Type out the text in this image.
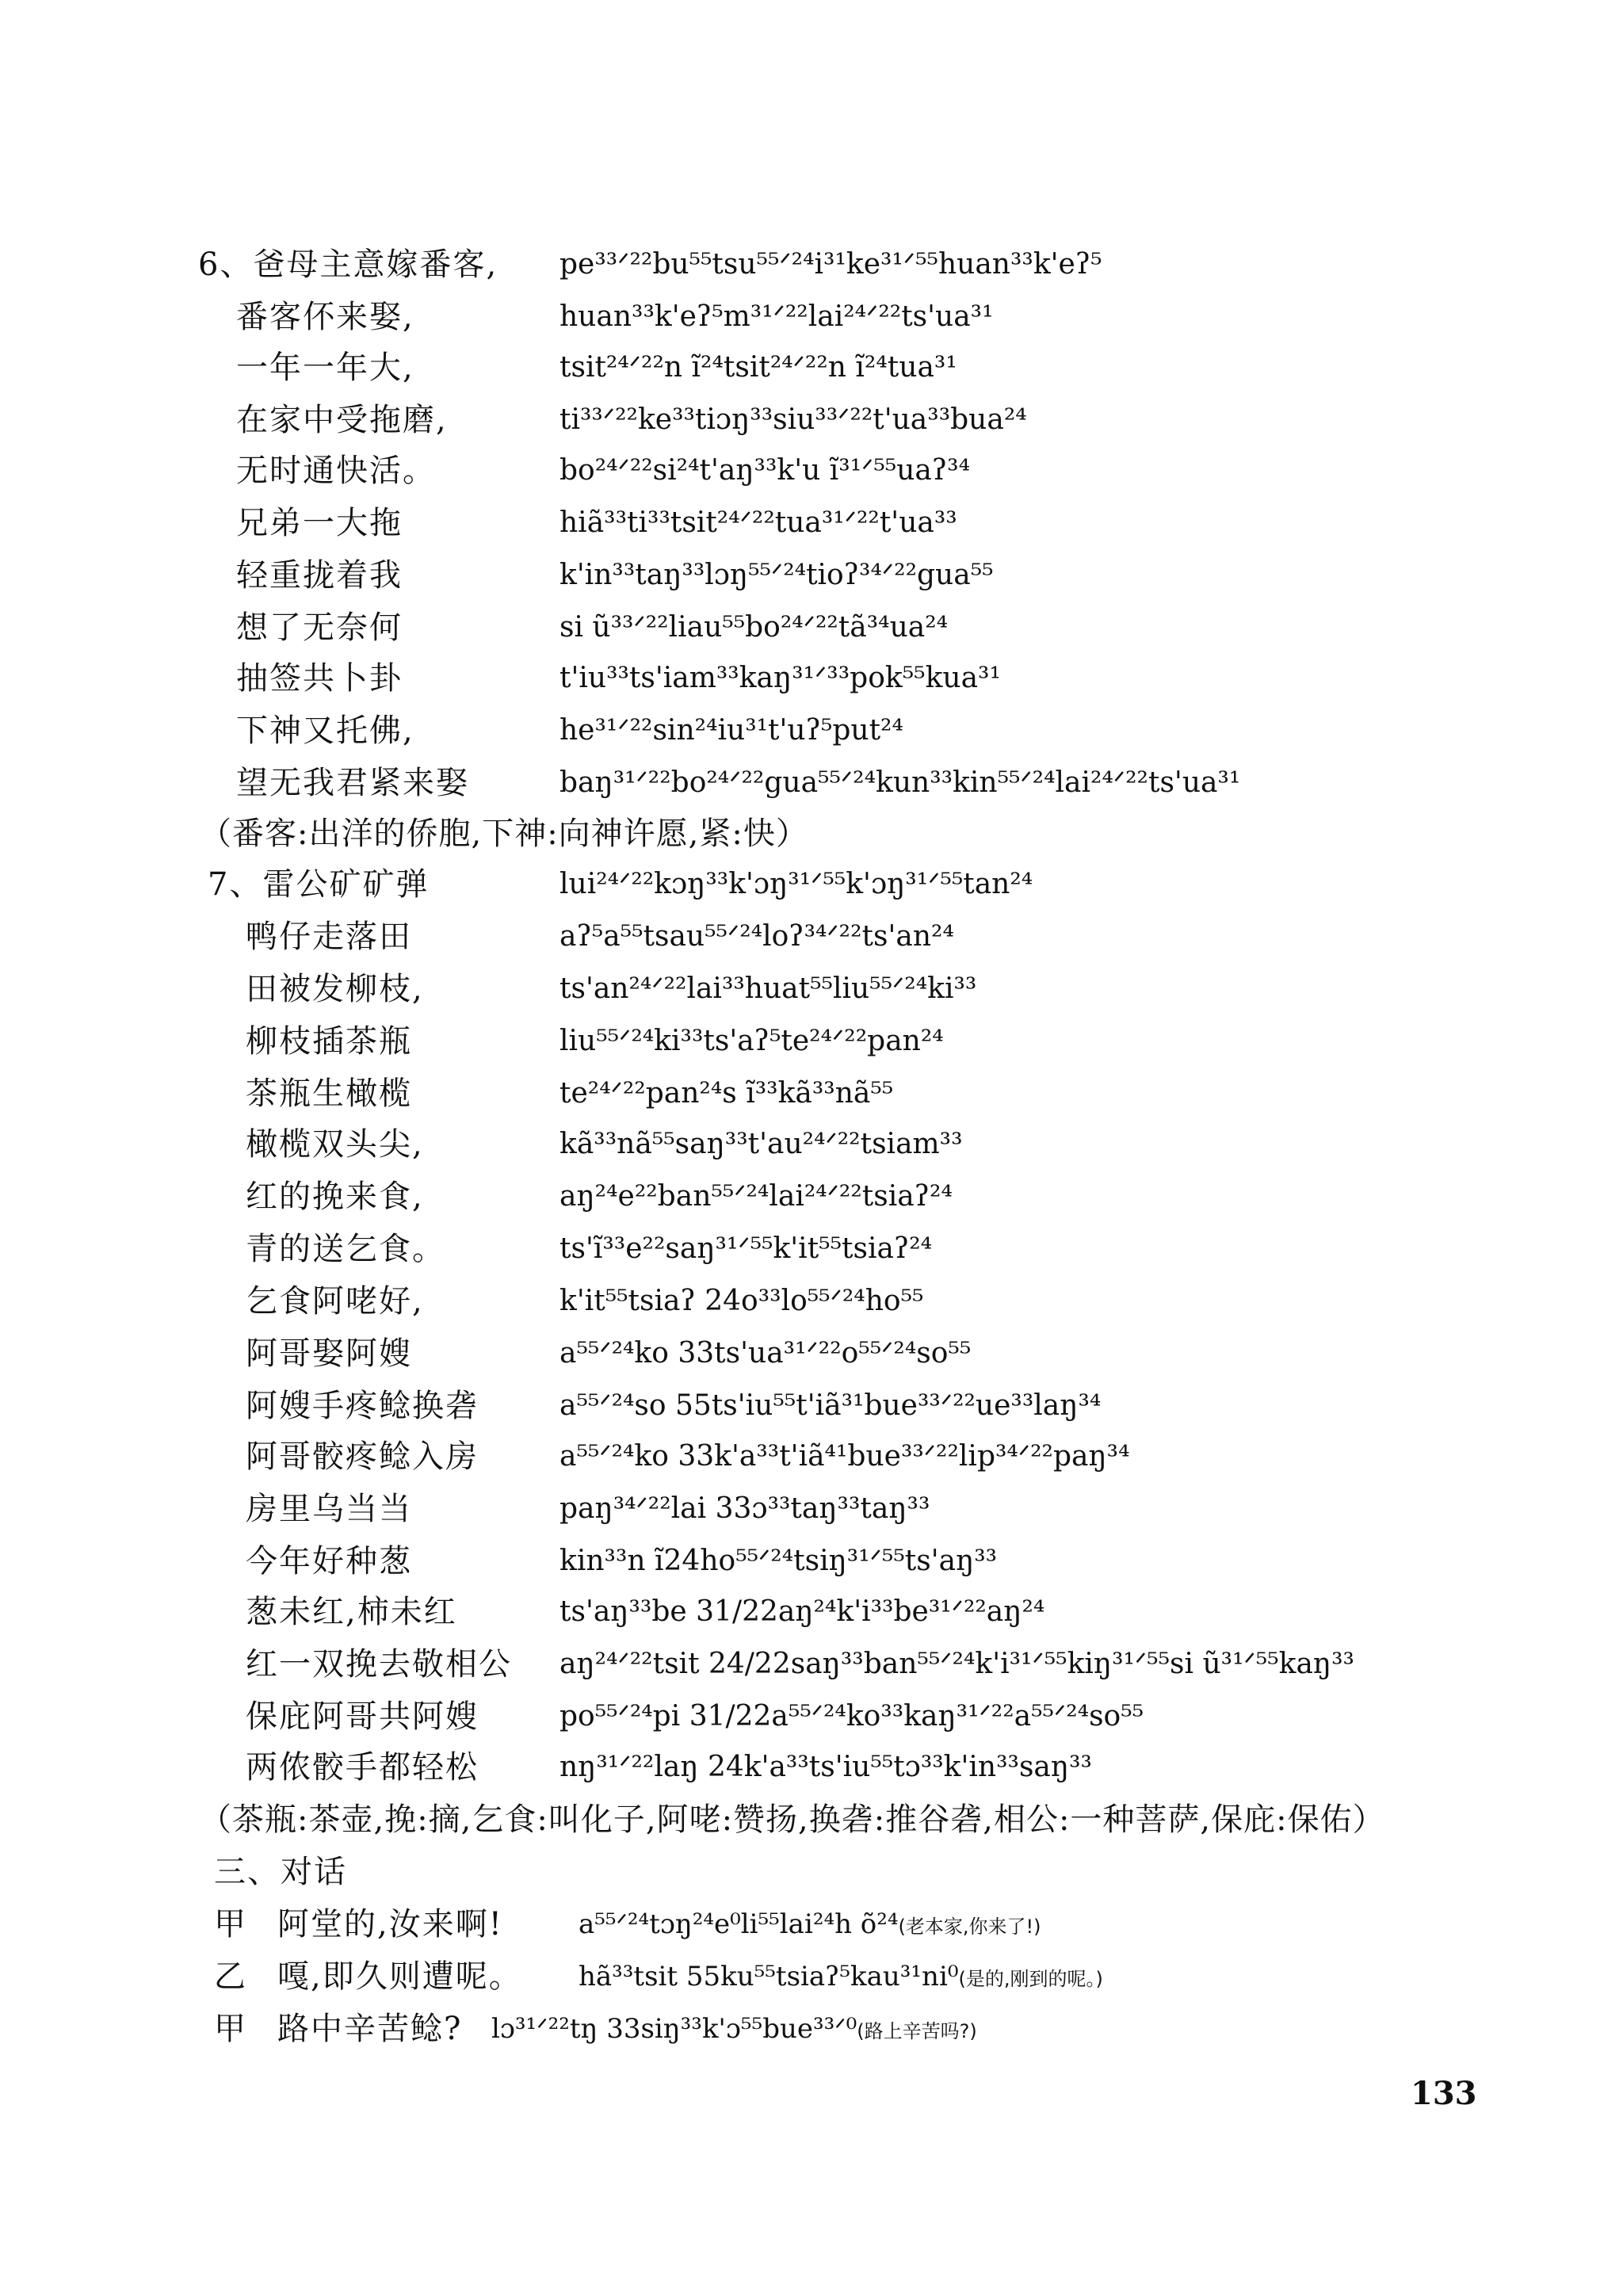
6、爸母主意嫁番客, pe³³ᐟ²²bu⁵⁵tsu⁵⁵ᐟ²⁴i³¹ke³¹ᐟ⁵⁵huan³³k'eʔ⁵
番客伓来娶,	huan³³k'eʔ⁵m³¹ᐟ²²lai²⁴ᐟ²²ts'ua³¹
一年一年大,	tsit²⁴ᐟ²²n ĩ²⁴tsit²⁴ᐟ²²n ĩ²⁴tua³¹
在家中受拖磨,	ti³³ᐟ²²ke³³tiɔŋ³³siu³³ᐟ²²t'ua³³bua²⁴
无时通快活。	bo²⁴ᐟ²²si²⁴t'aŋ³³k'u ĩ³¹ᐟ⁵⁵uaʔ³⁴
兄弟一大拖	hiã³³ti³³tsit²⁴ᐟ²²tua³¹ᐟ²²t'ua³³
轻重拢着我	k'in³³taŋ³³lɔŋ⁵⁵ᐟ²⁴tioʔ³⁴ᐟ²²gua⁵⁵
想了无奈何	si ũ³³ᐟ²²liau⁵⁵bo²⁴ᐟ²²tã³⁴ua²⁴
抽签共卜卦	t'iu³³ts'iam³³kaŋ³¹ᐟ³³pok⁵⁵kua³¹
下神又托佛,	he³¹ᐟ²²sin²⁴iu³¹t'uʔ⁵put²⁴
望无我君紧来娶	baŋ³¹ᐟ²²bo²⁴ᐟ²²gua⁵⁵ᐟ²⁴kun³³kin⁵⁵ᐟ²⁴lai²⁴ᐟ²²ts'ua³¹
（番客:出洋的侨胞,下神:向神许愿,紧:快）
7、雷公矿矿弹	lui²⁴ᐟ²²kɔŋ³³k'ɔŋ³¹ᐟ⁵⁵k'ɔŋ³¹ᐟ⁵⁵tan²⁴
鸭仔走落田	aʔ⁵a⁵⁵tsau⁵⁵ᐟ²⁴loʔ³⁴ᐟ²²ts'an²⁴
田被发柳枝,	ts'an²⁴ᐟ²²lai³³huat⁵⁵liu⁵⁵ᐟ²⁴ki³³
柳枝插茶瓶	liu⁵⁵ᐟ²⁴ki³³ts'aʔ⁵te²⁴ᐟ²²pan²⁴
茶瓶生橄榄	te²⁴ᐟ²²pan²⁴s ĩ³³kã³³nã⁵⁵
橄榄双头尖,	kã³³nã⁵⁵saŋ³³t'au²⁴ᐟ²²tsiam³³
红的挽来食,	aŋ²⁴e²²ban⁵⁵ᐟ²⁴lai²⁴ᐟ²²tsiaʔ²⁴
青的送乞食。	ts'ĩ³³e²²saŋ³¹ᐟ⁵⁵k'it⁵⁵tsiaʔ²⁴
乞食阿咾好,	k'it⁵⁵tsiaʔ 24o³³lo⁵⁵ᐟ²⁴ho⁵⁵
阿哥娶阿嫂	a⁵⁵ᐟ²⁴ko 33ts'ua³¹ᐟ²²o⁵⁵ᐟ²⁴so⁵⁵
阿嫂手疼鲶换砻	a⁵⁵ᐟ²⁴so 55ts'iu⁵⁵t'iã³¹bue³³ᐟ²²ue³³laŋ³⁴
阿哥骹疼鲶入房	a⁵⁵ᐟ²⁴ko 33k'a³³t'iã⁴¹bue³³ᐟ²²lip³⁴ᐟ²²paŋ³⁴
房里乌当当	paŋ³⁴ᐟ²²lai 33ɔ³³taŋ³³taŋ³³
今年好种葱	kin³³n ĩ24ho⁵⁵ᐟ²⁴tsiŋ³¹ᐟ⁵⁵ts'aŋ³³
葱未红,柿未红	ts'aŋ³³be 31/22aŋ²⁴k'i³³be³¹ᐟ²²aŋ²⁴
红一双挽去敬相公 aŋ²⁴ᐟ²²tsit 24/22saŋ³³ban⁵⁵ᐟ²⁴k'i³¹ᐟ⁵⁵kiŋ³¹ᐟ⁵⁵si ũ³¹ᐟ⁵⁵kaŋ³³
保庇阿哥共阿嫂	po⁵⁵ᐟ²⁴pi 31/22a⁵⁵ᐟ²⁴ko³³kaŋ³¹ᐟ²²a⁵⁵ᐟ²⁴so⁵⁵
两侬骹手都轻松	nŋ³¹ᐟ²²laŋ 24k'a³³ts'iu⁵⁵tɔ³³k'in³³saŋ³³
（茶瓶:茶壶,挽:摘,乞食:叫化子,阿咾:赞扬,换砻:推谷砻,相公:一种菩萨,保庇:保佑）
三、对话
甲 阿堂的,汝来啊!	a⁵⁵ᐟ²⁴tɔŋ²⁴e⁰li⁵⁵lai²⁴h õ²⁴(老本家,你来了!)
乙 嘎,即久则遭呢。 hã³³tsit 55ku⁵⁵tsiaʔ⁵kau³¹ni⁰(是的,刚到的呢。)
甲 路中辛苦鲶? lɔ³¹ᐟ²²tŋ 33siŋ³³k'ɔ⁵⁵bue³³ᐟ⁰(路上辛苦吗?)
133
